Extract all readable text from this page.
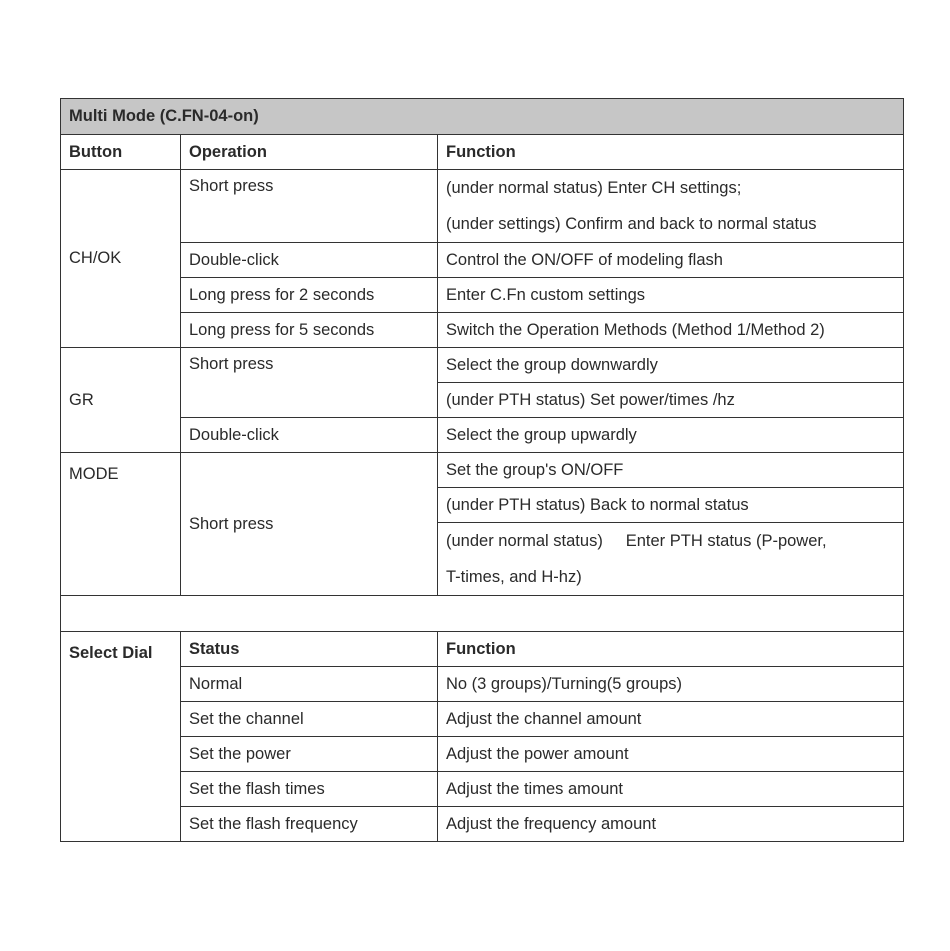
Multi Mode (C.FN-04-on)		
Button	Operation	Function
CH/OK	Short press	(under normal status) Enter CH settings;
(under settings) Confirm and back to normal status

	Double-click	Control the ON/OFF of modeling flash
	Long press for 2 seconds	Enter C.Fn custom settings
	Long press for 5 seconds	Switch the Operation Methods (Method 1/Method 2)
GR	Short press	Select the group downwardly
		(under PTH status) Set power/times /hz
	Double-click	Select the group upwardly
MODE	Short press	Set the group's ON/OFF
		(under PTH status) Back to normal status

		(under normal status)     Enter PTH status (P-power,
T-times, and H-hz)

Select Dial	Status	Function
	Normal	No (3 groups)/Turning(5 groups)
	Set the channel	Adjust the channel amount
	Set the power	Adjust the power amount
	Set the flash times	Adjust the times amount
	Set the flash frequency	Adjust the frequency amount
